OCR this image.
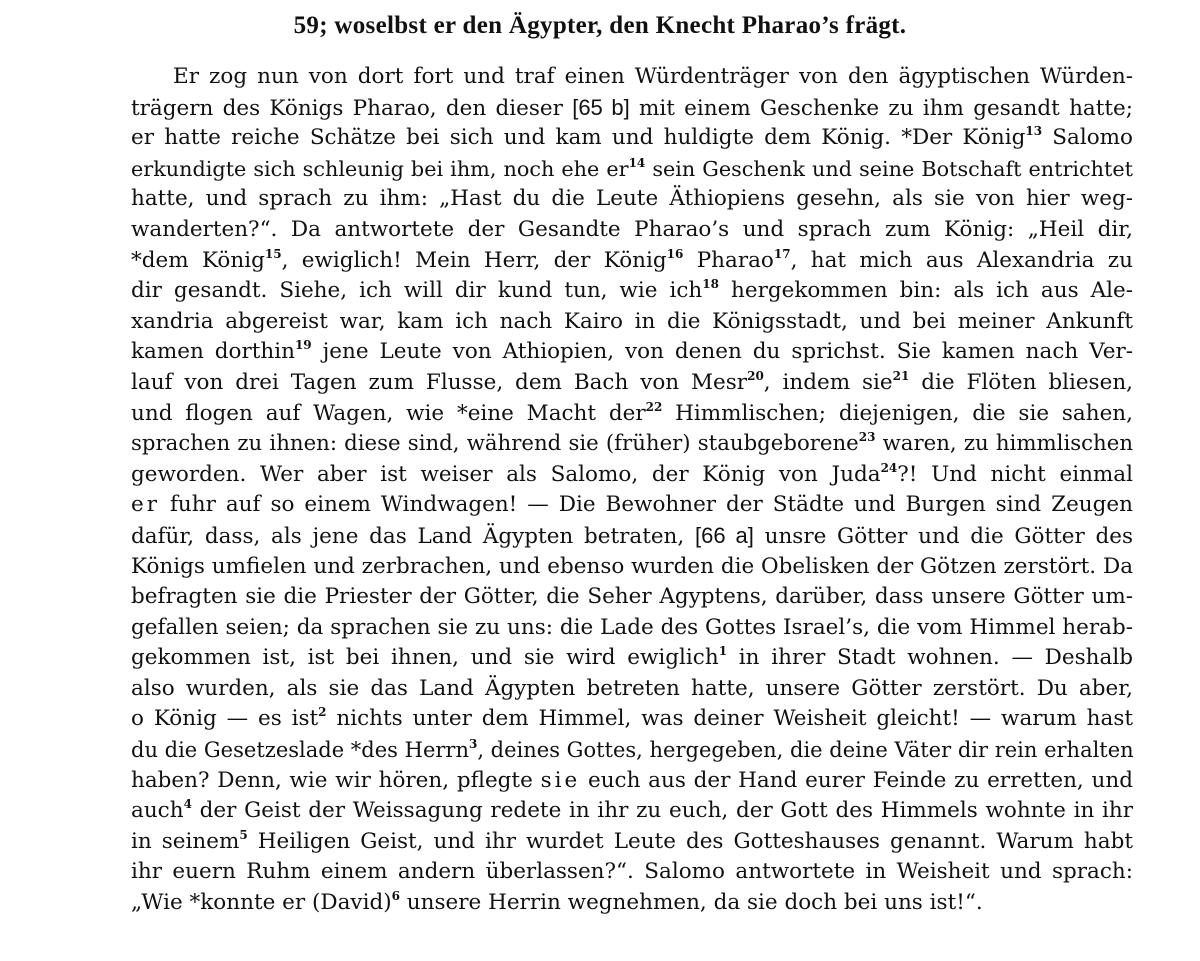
59; woselbst er den Ägypter, den Knecht Pharao’s frägt.
Er zog nun von dort fort und traf einen Würdenträger von den ägyptischen Würden-
trägern des Königs Pharao, den dieser [65 b] mit einem Geschenke zu ihm gesandt hatte;
er hatte reiche Schätze bei sich und kam und huldigte dem König. *Der König$^{13}$ Salomo
erkundigte sich schleunig bei ihm, noch ehe $er^{14}$ sein Geschenk und seine Botschaft entrichtet
hatte, und sprach zu ihm: „Hast du die Leute Äthiopiens gesehn, als sie von hier weg-
wanderten?“. Da antwortete der Gesandte Pharao’s und sprach zum König: „Heil dir,
*dem König$^{15}$, ewiglich! Mein Herr, der König$^{16}$ Pharao$^{17}$, hat mich aus Alexandria zu
dir gesandt. Siehe, ich will dir kund tun, wie ich$^{18}$ hergekommen bin: als ich aus Ale-
xandria abgereist war, kam ich nach Kairo in die Königsstadt, und bei meiner Ankunft
kamen dorthin$^{19}$ jene Leute von Athiopien, von denen du sprichst. Sie kamen nach Ver-
lauf von drei Tagen zum Flusse, dem Bach von Mesr$^{20}$, indem sie$^{21}$ die Flöten bliesen,
und flogen auf Wagen, wie *eine Macht der$^{22}$ Himmlischen; diejenigen, die sie sahen,
sprachen zu ihnen: diese sind, während sie (früher) staubgeborene$^{23}$ waren, zu himmlischen
geworden. Wer aber ist weiser als Salomo, der König von Juda$^{24}$?! Und nicht einmal
er fuhr auf so einem Windwagen! — Die Bewohner der Städte und Burgen sind Zeugen
dafür, dass, als jene das Land Ägypten betraten, [66 a] unsre Götter und die Götter des
Königs umfielen und zerbrachen, und ebenso wurden die Obelisken der Götzen zerstört. Da
befragten sie die Priester der Götter, die Seher Agyptens, darüber, dass unsere Götter um-
gefallen seien; da sprachen sie zu uns: die Lade des Gottes Israel’s, die vom Himmel herab-
gekommen ist, ist bei ihnen, und sie wird ewiglich$^1$ in ihrer Stadt wohnen. — Deshalb
also wurden, als sie das Land Ägypten betreten hatte, unsere Götter zerstört. Du aber,
o König — es ist$^2$ nichts unter dem Himmel, was deiner Weisheit gleicht! — warum hast
du die Gesetzeslade *des Herrn$^3$, deines Gottes, hergegeben, die deine Väter dir rein erhalten
haben? Denn, wie wir hören, pflegte sie euch aus der Hand eurer Feinde zu erretten, und
auch$^4$ der Geist der Weissagung redete in ihr zu euch, der Gott des Himmels wohnte in ihr
in seinem$^5$ Heiligen Geist, und ihr wurdet Leute des Gotteshauses genannt. Warum habt
ihr euern Ruhm einem andern überlassen?“. Salomo antwortete in Weisheit und sprach:
„Wie *konnte er (David)$^6$ unsere Herrin wegnehmen, da sie doch bei uns ist!“.
